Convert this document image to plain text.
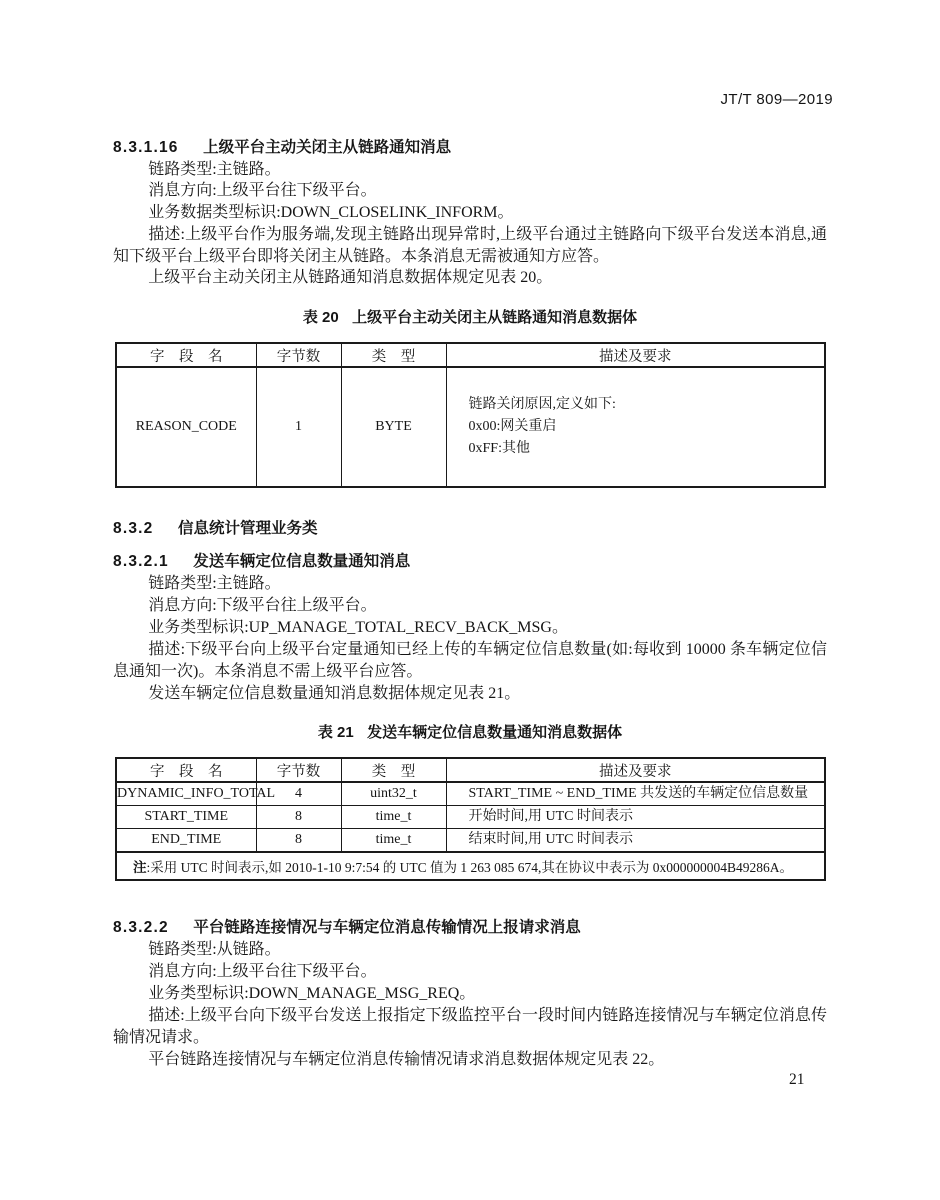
JT/T 809—2019
8.3.1.16 上级平台主动关闭主从链路通知消息

链路类型:主链路。

消息方向:上级平台往下级平台。

业务数据类型标识:DOWN_CLOSELINK_INFORM。

描述:上级平台作为服务端,发现主链路出现异常时,上级平台通过主链路向下级平台发送本消息,通知下级平台上级平台即将关闭主从链路。本条消息无需被通知方应答。

上级平台主动关闭主从链路通知消息数据体规定见表 20。

表 20 上级平台主动关闭主从链路通知消息数据体
字　段　名	字节数	类　型	描述及要求
REASON_CODE	1	BYTE	链路关闭原因,定义如下:
0x00:网关重启
0xFF:其他
8.3.2 信息统计管理业务类
8.3.2.1 发送车辆定位信息数量通知消息

链路类型:主链路。

消息方向:下级平台往上级平台。

业务类型标识:UP_MANAGE_TOTAL_RECV_BACK_MSG。

描述:下级平台向上级平台定量通知已经上传的车辆定位信息数量(如:每收到 10000 条车辆定位信息通知一次)。本条消息不需上级平台应答。

发送车辆定位信息数量通知消息数据体规定见表 21。

表 21 发送车辆定位信息数量通知消息数据体
字　段　名	字节数	类　型	描述及要求
DYNAMIC_INFO_TOTAL	4	uint32_t	START_TIME ~ END_TIME 共发送的车辆定位信息数量
START_TIME	8	time_t	开始时间,用 UTC 时间表示
END_TIME	8	time_t	结束时间,用 UTC 时间表示
注:采用 UTC 时间表示,如 2010-1-10 9:7:54 的 UTC 值为 1 263 085 674,其在协议中表示为 0x000000004B49286A。			
8.3.2.2 平台链路连接情况与车辆定位消息传输情况上报请求消息

链路类型:从链路。

消息方向:上级平台往下级平台。

业务类型标识:DOWN_MANAGE_MSG_REQ。

描述:上级平台向下级平台发送上报指定下级监控平台一段时间内链路连接情况与车辆定位消息传输情况请求。

平台链路连接情况与车辆定位消息传输情况请求消息数据体规定见表 22。

21
